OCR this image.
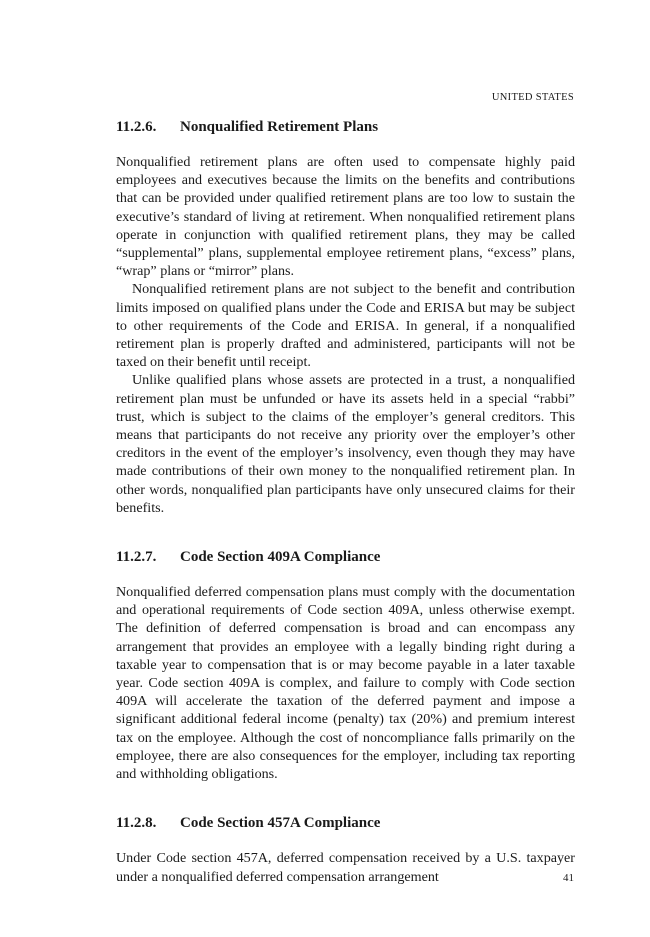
UNITED STATES
11.2.6.	Nonqualified Retirement Plans

Nonqualified retirement plans are often used to compensate highly paid employees and executives because the limits on the benefits and contributions that can be provided under qualified retirement plans are too low to sustain the executive’s standard of living at retirement. When nonqualified retirement plans operate in conjunction with qualified retirement plans, they may be called “supplemental” plans, supplemental employee retirement plans, “excess” plans, “wrap” plans or “mirror” plans.

Nonqualified retirement plans are not subject to the benefit and contribution limits imposed on qualified plans under the Code and ERISA but may be subject to other requirements of the Code and ERISA. In general, if a nonqualified retirement plan is properly drafted and administered, participants will not be taxed on their benefit until receipt.

Unlike qualified plans whose assets are protected in a trust, a nonqualified retirement plan must be unfunded or have its assets held in a special “rabbi” trust, which is subject to the claims of the employer’s general creditors. This means that participants do not receive any priority over the employer’s other creditors in the event of the employer’s insolvency, even though they may have made contributions of their own money to the nonqualified retirement plan. In other words, nonqualified plan participants have only unsecured claims for their benefits.

11.2.7.	Code Section 409A Compliance

Nonqualified deferred compensation plans must comply with the documentation and operational requirements of Code section 409A, unless otherwise exempt. The definition of deferred compensation is broad and can encompass any arrangement that provides an employee with a legally binding right during a taxable year to compensation that is or may become payable in a later taxable year. Code section 409A is complex, and failure to comply with Code section 409A will accelerate the taxation of the deferred payment and impose a significant additional federal income (penalty) tax (20%) and premium interest tax on the employee. Although the cost of noncompliance falls primarily on the employee, there are also consequences for the employer, including tax reporting and withholding obligations.

11.2.8.	Code Section 457A Compliance

Under Code section 457A, deferred compensation received by a U.S. taxpayer under a nonqualified deferred compensation arrangement	41
